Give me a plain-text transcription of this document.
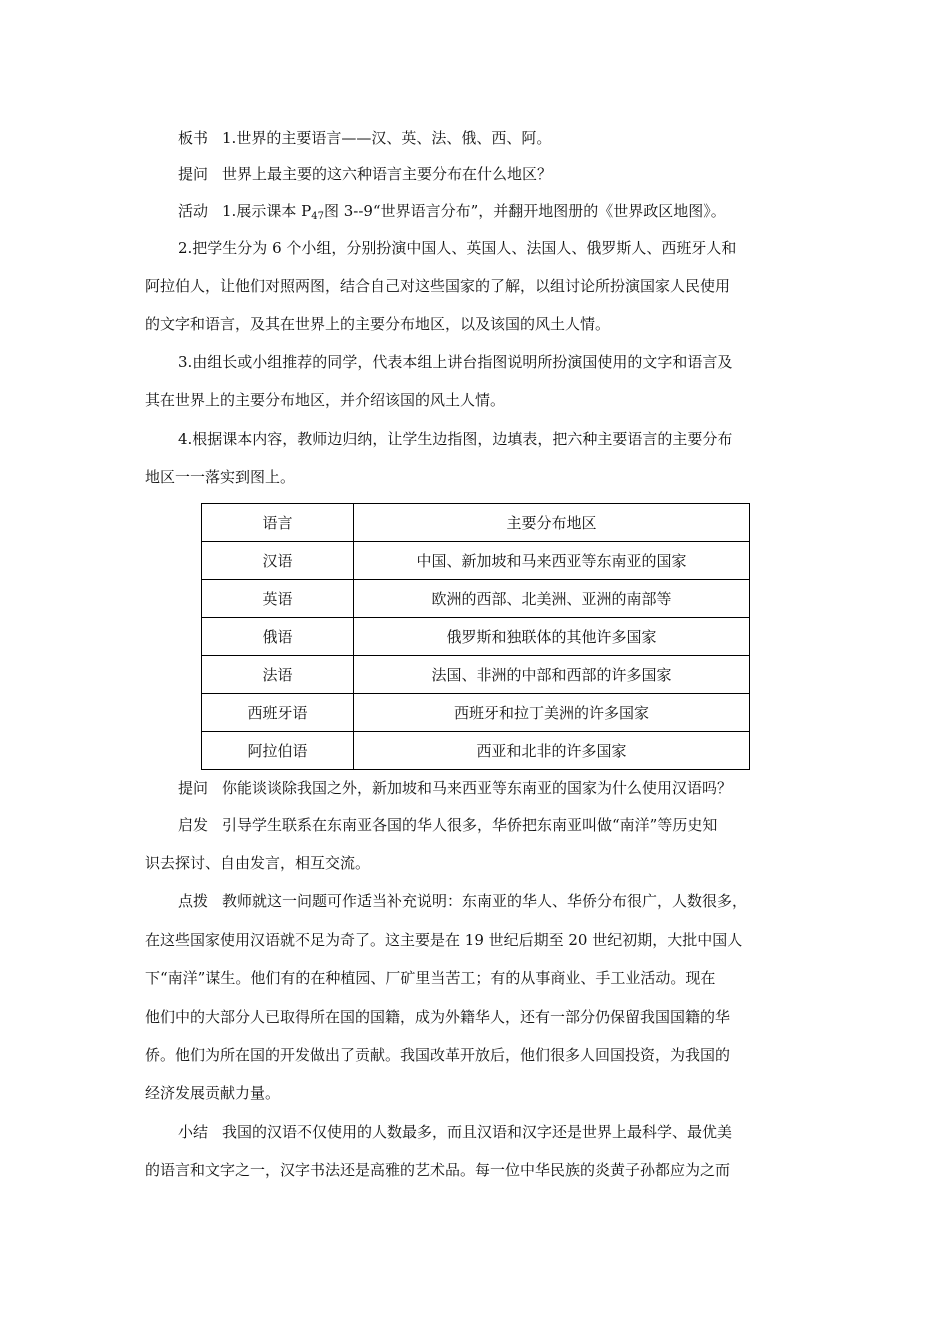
板书 1.世界的主要语言——汉、英、法、俄、西、阿。
提问 世界上最主要的这六种语言主要分布在什么地区？
活动 1.展示课本 $P_{47}$图 3--9“世界语言分布”，并翻开地图册的《世界政区地图》。
2.把学生分为 6 个小组，分别扮演中国人、英国人、法国人、俄罗斯人、西班牙人和
阿拉伯人，让他们对照两图，结合自己对这些国家的了解，以组讨论所扮演国家人民使用
的文字和语言，及其在世界上的主要分布地区，以及该国的风土人情。
3.由组长或小组推荐的同学，代表本组上讲台指图说明所扮演国使用的文字和语言及
其在世界上的主要分布地区，并介绍该国的风土人情。
4.根据课本内容，教师边归纳，让学生边指图，边填表，把六种主要语言的主要分布
地区一一落实到图上。
语言	主要分布地区
汉语	中国、新加坡和马来西亚等东南亚的国家
英语	欧洲的西部、北美洲、亚洲的南部等
俄语	俄罗斯和独联体的其他许多国家
法语	法国、非洲的中部和西部的许多国家
西班牙语	西班牙和拉丁美洲的许多国家
阿拉伯语	西亚和北非的许多国家
提问 你能谈谈除我国之外，新加坡和马来西亚等东南亚的国家为什么使用汉语吗？
启发 引导学生联系在东南亚各国的华人很多，华侨把东南亚叫做“南洋”等历史知
识去探讨、自由发言，相互交流。
点拨 教师就这一问题可作适当补充说明：东南亚的华人、华侨分布很广，人数很多，
在这些国家使用汉语就不足为奇了。这主要是在 19 世纪后期至 20 世纪初期，大批中国人
下“南洋”谋生。他们有的在种植园、厂矿里当苦工；有的从事商业、手工业活动。现在
他们中的大部分人已取得所在国的国籍，成为外籍华人，还有一部分仍保留我国国籍的华
侨。他们为所在国的开发做出了贡献。我国改革开放后，他们很多人回国投资，为我国的
经济发展贡献力量。
小结 我国的汉语不仅使用的人数最多，而且汉语和汉字还是世界上最科学、最优美
的语言和文字之一，汉字书法还是高雅的艺术品。每一位中华民族的炎黄子孙都应为之而
